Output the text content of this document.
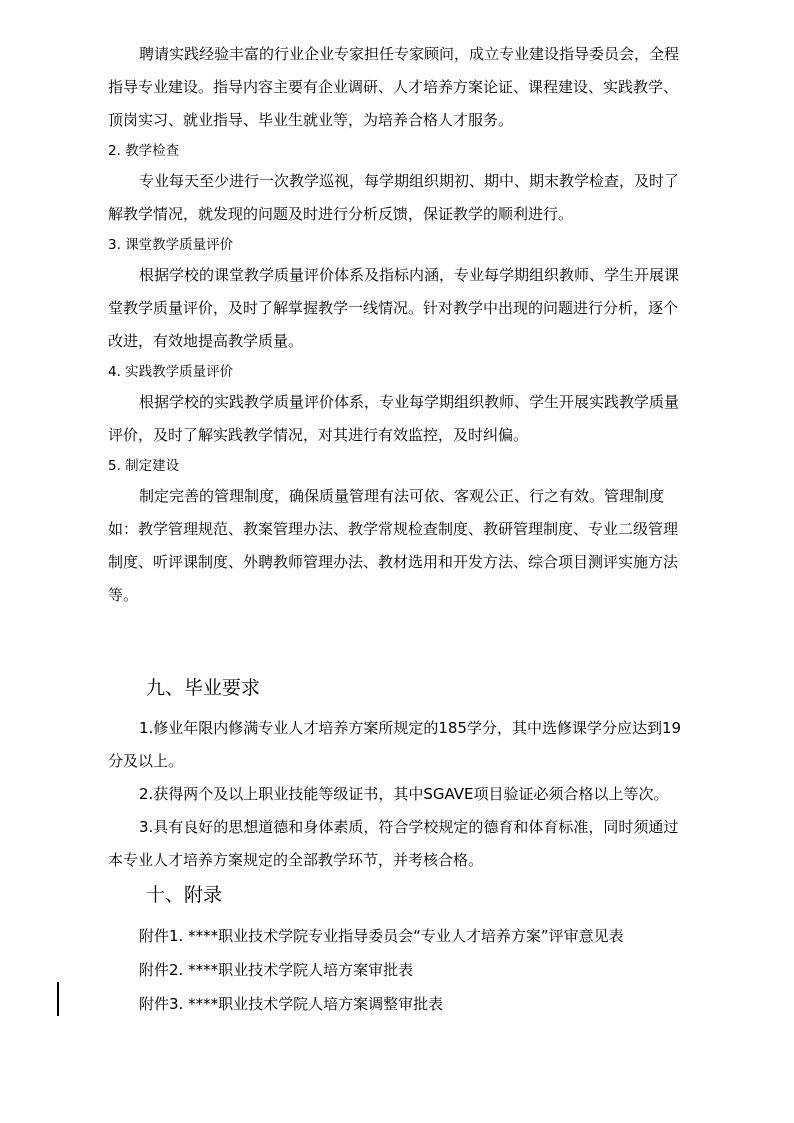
聘请实践经验丰富的行业企业专家担任专家顾问，成立专业建设指导委员会，全程指导专业建设。指导内容主要有企业调研、人才培养方案论证、课程建设、实践教学、顶岗实习、就业指导、毕业生就业等，为培养合格人才服务。

2. 教学检查

专业每天至少进行一次教学巡视，每学期组织期初、期中、期末教学检查，及时了解教学情况，就发现的问题及时进行分析反馈，保证教学的顺利进行。

3. 课堂教学质量评价

根据学校的课堂教学质量评价体系及指标内涵，专业每学期组织教师、学生开展课堂教学质量评价，及时了解掌握教学一线情况。针对教学中出现的问题进行分析，逐个改进，有效地提高教学质量。

4. 实践教学质量评价

根据学校的实践教学质量评价体系，专业每学期组织教师、学生开展实践教学质量评价，及时了解实践教学情况，对其进行有效监控，及时纠偏。

5. 制定建设

制定完善的管理制度，确保质量管理有法可依、客观公正、行之有效。管理制度如：教学管理规范、教案管理办法、教学常规检查制度、教研管理制度、专业二级管理制度、听评课制度、外聘教师管理办法、教材选用和开发方法、综合项目测评实施方法等。

九、毕业要求

1.修业年限内修满专业人才培养方案所规定的185学分，其中选修课学分应达到19分及以上。

2.获得两个及以上职业技能等级证书，其中SGAVE项目验证必须合格以上等次。

3.具有良好的思想道德和身体素质，符合学校规定的德育和体育标准，同时须通过本专业人才培养方案规定的全部教学环节，并考核合格。

十、附录

附件1. ****职业技术学院专业指导委员会“专业人才培养方案”评审意见表

附件2. ****职业技术学院人培方案审批表

附件3. ****职业技术学院人培方案调整审批表
